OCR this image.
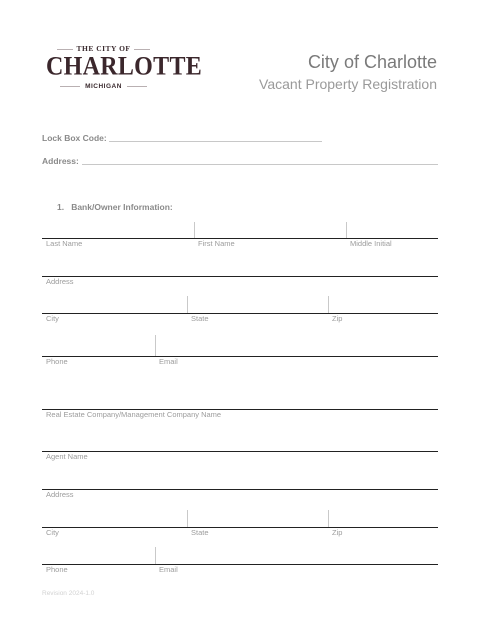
THE CITY OF
CHARLOTTE
MICHIGAN
City of Charlotte
Vacant Property Registration
Lock Box Code:
Address:
1. Bank/Owner Information:
Last Name	First Name	Middle Initial
Address
City	State	Zip
Phone	Email
Real Estate Company/Management Company Name
Agent Name
Address
City	State	Zip
Phone	Email
Revision 2024-1.0
